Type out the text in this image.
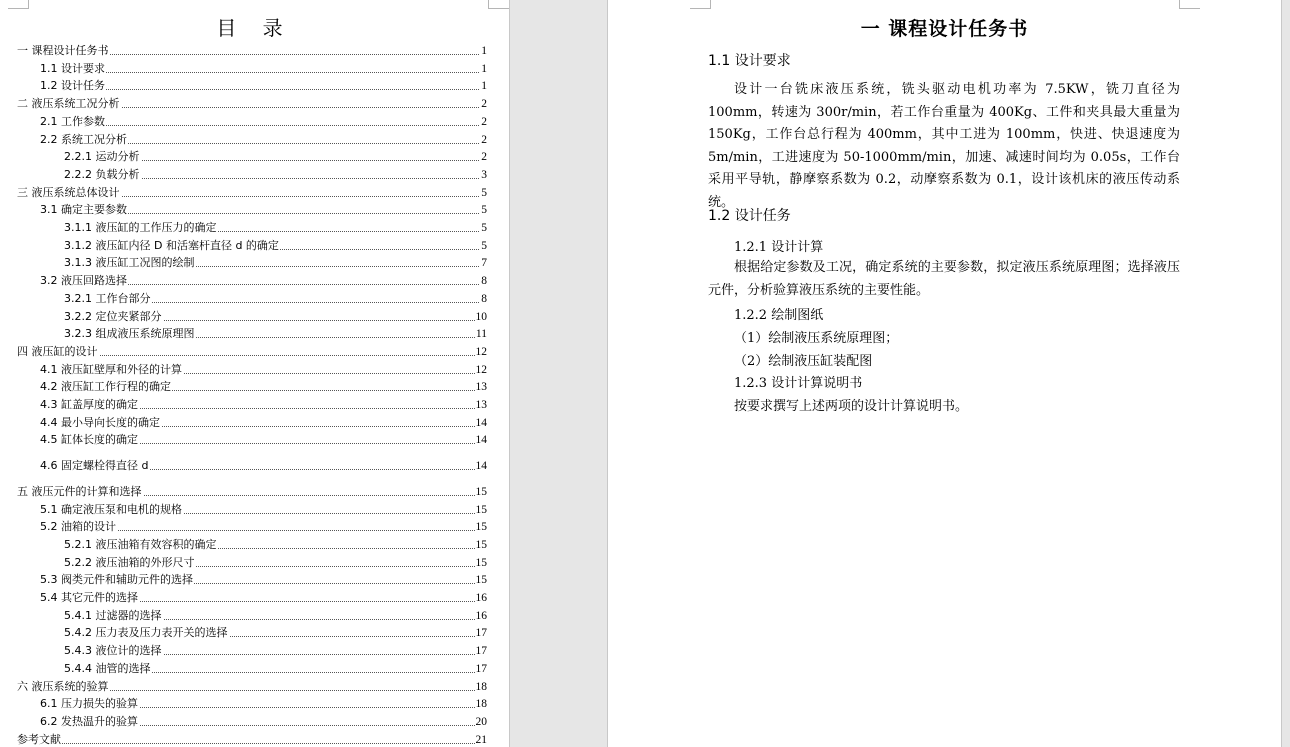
目 录
一 课程设计任务书	1
1.1 设计要求	1
1.2 设计任务	1
二 液压系统工况分析	2
2.1 工作参数	2
2.2 系统工况分析	2
2.2.1 运动分析	2
2.2.2 负载分析	3
三 液压系统总体设计	5
3.1 确定主要参数	5
3.1.1 液压缸的工作压力的确定	5
3.1.2 液压缸内径 D 和活塞杆直径 d 的确定	5
3.1.3 液压缸工况图的绘制	7
3.2 液压回路选择	8
3.2.1 工作台部分	8
3.2.2 定位夹紧部分	10
3.2.3 组成液压系统原理图	11
四 液压缸的设计	12
4.1 液压缸壁厚和外径的计算	12
4.2 液压缸工作行程的确定	13
4.3 缸盖厚度的确定	13
4.4 最小导向长度的确定	14
4.5 缸体长度的确定	14
4.6 固定螺栓得直径 d	14
五 液压元件的计算和选择	15
5.1 确定液压泵和电机的规格	15
5.2 油箱的设计	15
5.2.1 液压油箱有效容积的确定	15
5.2.2 液压油箱的外形尺寸	15
5.3 阀类元件和辅助元件的选择	15
5.4 其它元件的选择	16
5.4.1 过滤器的选择	16
5.4.2 压力表及压力表开关的选择	17
5.4.3 液位计的选择	17
5.4.4 油管的选择	17
六 液压系统的验算	18
6.1 压力损失的验算	18
6.2 发热温升的验算	20
参考文献	21
一 课程设计任务书
1.1 设计要求
设计一台铣床液压系统，铣头驱动电机功率为 7.5KW，铣刀直径为 100mm，转速为 300r/min，若工作台重量为 400Kg、工件和夹具最大重量为 150Kg，工作台总行程为 400mm，其中工进为 100mm，快进、快退速度为 5m/min，工进速度为 50-1000mm/min，加速、减速时间均为 0.05s，工作台采用平导轨，静摩察系数为 0.2，动摩察系数为 0.1，设计该机床的液压传动系统。
1.2 设计任务
1.2.1 设计计算
根据给定参数及工况，确定系统的主要参数，拟定液压系统原理图；选择液压元件，分析验算液压系统的主要性能。
1.2.2 绘制图纸
（1）绘制液压系统原理图；
（2）绘制液压缸装配图
1.2.3 设计计算说明书
按要求撰写上述两项的设计计算说明书。
